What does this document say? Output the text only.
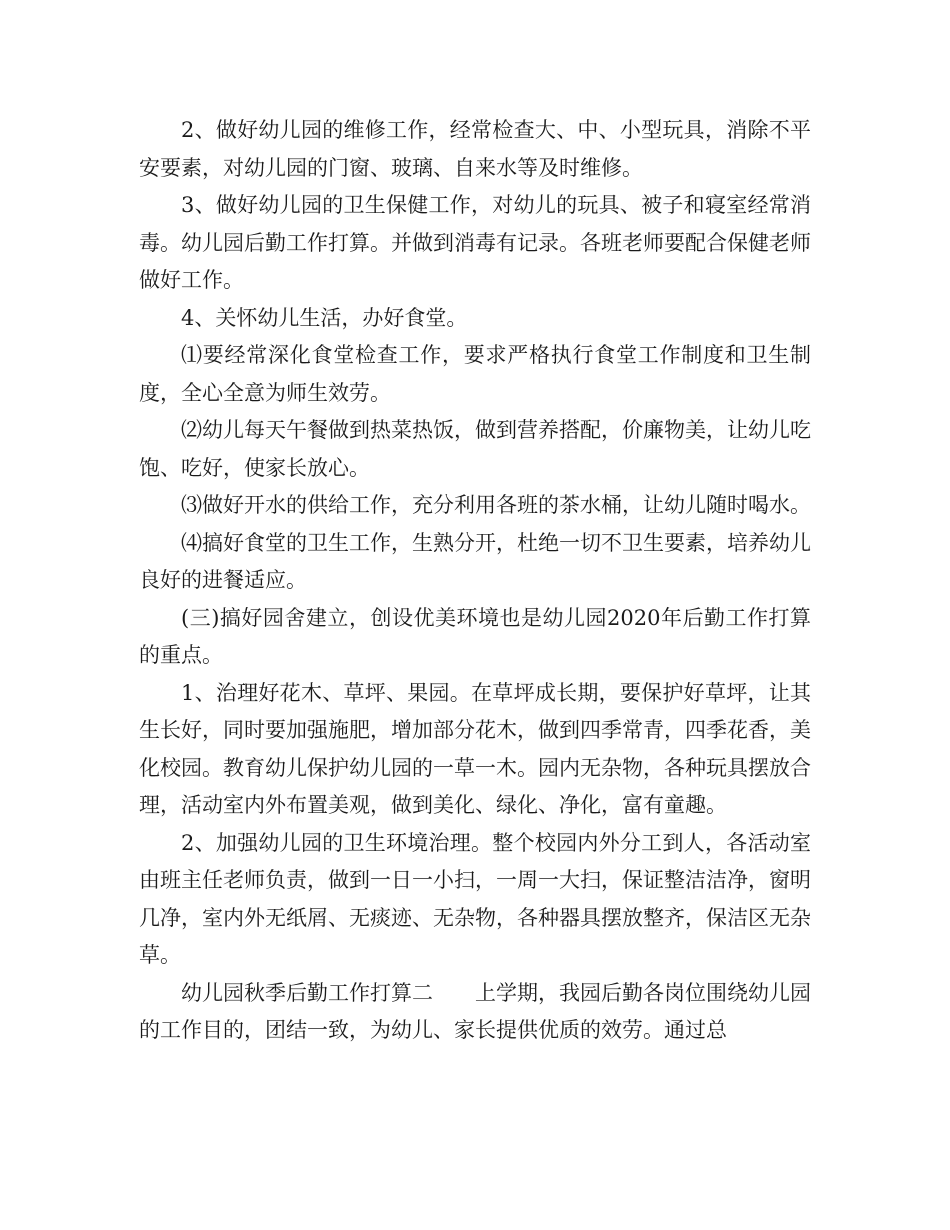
2、做好幼儿园的维修工作，经常检查大、中、小型玩具，消除不平安要素，对幼儿园的门窗、玻璃、自来水等及时维修。

3、做好幼儿园的卫生保健工作，对幼儿的玩具、被子和寝室经常消毒。幼儿园后勤工作打算。并做到消毒有记录。各班老师要配合保健老师做好工作。

4、关怀幼儿生活，办好食堂。

⑴要经常深化食堂检查工作，要求严格执行食堂工作制度和卫生制度，全心全意为师生效劳。

⑵幼儿每天午餐做到热菜热饭，做到营养搭配，价廉物美，让幼儿吃饱、吃好，使家长放心。

⑶做好开水的供给工作，充分利用各班的茶水桶，让幼儿随时喝水。

⑷搞好食堂的卫生工作，生熟分开，杜绝一切不卫生要素，培养幼儿良好的进餐适应。

(三)搞好园舍建立，创设优美环境也是幼儿园2020年后勤工作打算的重点。

1、治理好花木、草坪、果园。在草坪成长期，要保护好草坪，让其生长好，同时要加强施肥，增加部分花木，做到四季常青，四季花香，美化校园。教育幼儿保护幼儿园的一草一木。园内无杂物，各种玩具摆放合理，活动室内外布置美观，做到美化、绿化、净化，富有童趣。

2、加强幼儿园的卫生环境治理。整个校园内外分工到人，各活动室由班主任老师负责，做到一日一小扫，一周一大扫，保证整洁洁净，窗明几净，室内外无纸屑、无痰迹、无杂物，各种器具摆放整齐，保洁区无杂草。

幼儿园秋季后勤工作打算二　　上学期，我园后勤各岗位围绕幼儿园的工作目的，团结一致，为幼儿、家长提供优质的效劳。通过总
